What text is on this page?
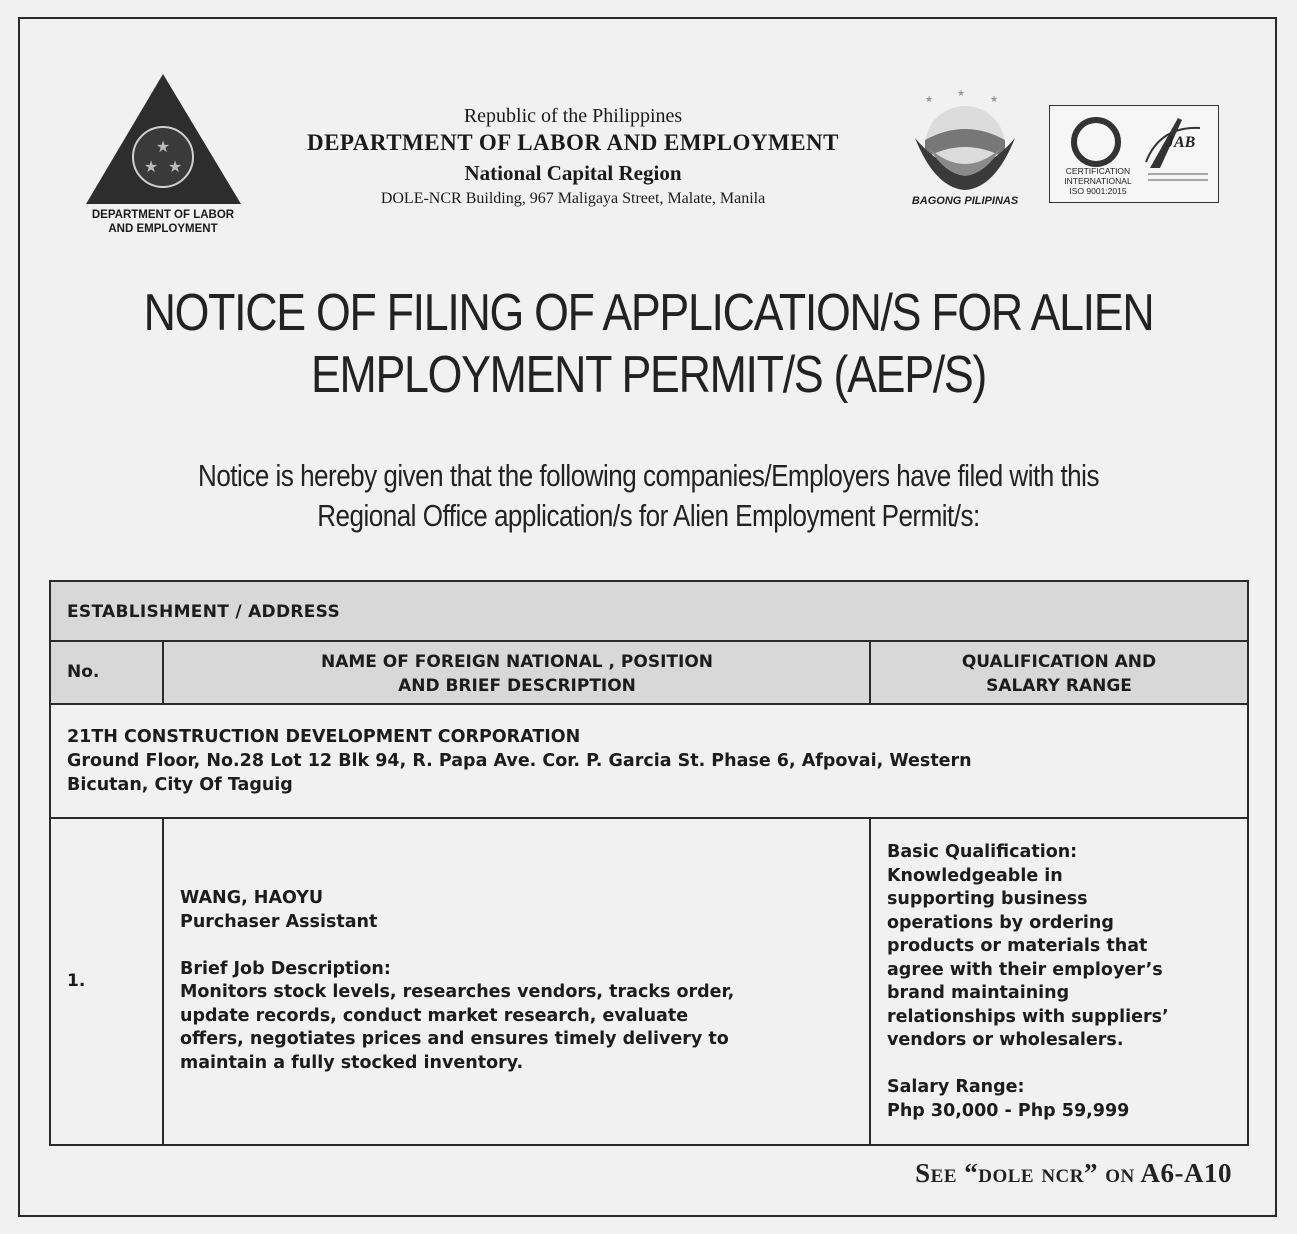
★
★ ★
DEPARTMENT OF LABOR
AND EMPLOYMENT
Republic of the Philippines
DEPARTMENT OF LABOR AND EMPLOYMENT
National Capital Region
DOLE-NCR Building, 967 Maligaya Street, Malate, Manila
★
★
★
BAGONG PILIPINAS
CERTIFICATION
INTERNATIONAL
ISO 9001:2015
JAB
NOTICE OF FILING OF APPLICATION/S FOR ALIEN
EMPLOYMENT PERMIT/S (AEP/S)
Notice is hereby given that the following companies/Employers have filed with this
Regional Office application/s for Alien Employment Permit/s:
ESTABLISHMENT / ADDRESS
No.	NAME OF FOREIGN NATIONAL , POSITION
AND BRIEF DESCRIPTION
QUALIFICATION AND
SALARY RANGE
21TH CONSTRUCTION DEVELOPMENT CORPORATION
Ground Floor, No.28 Lot 12 Blk 94, R. Papa Ave. Cor. P. Garcia St. Phase 6, Afpovai, Western
Bicutan, City Of Taguig
1.
WANG, HAOYU
Purchaser Assistant
Brief Job Description:
Monitors stock levels, researches vendors, tracks order,
update records, conduct market research, evaluate
offers, negotiates prices and ensures timely delivery to
maintain a fully stocked inventory.
Basic Qualification:
Knowledgeable in
supporting business
operations by ordering
products or materials that
agree with their employer’s
brand maintaining
relationships with suppliers’
vendors or wholesalers.
Salary Range:
Php 30,000 - Php 59,999
See “dole ncr” on A6-A10
